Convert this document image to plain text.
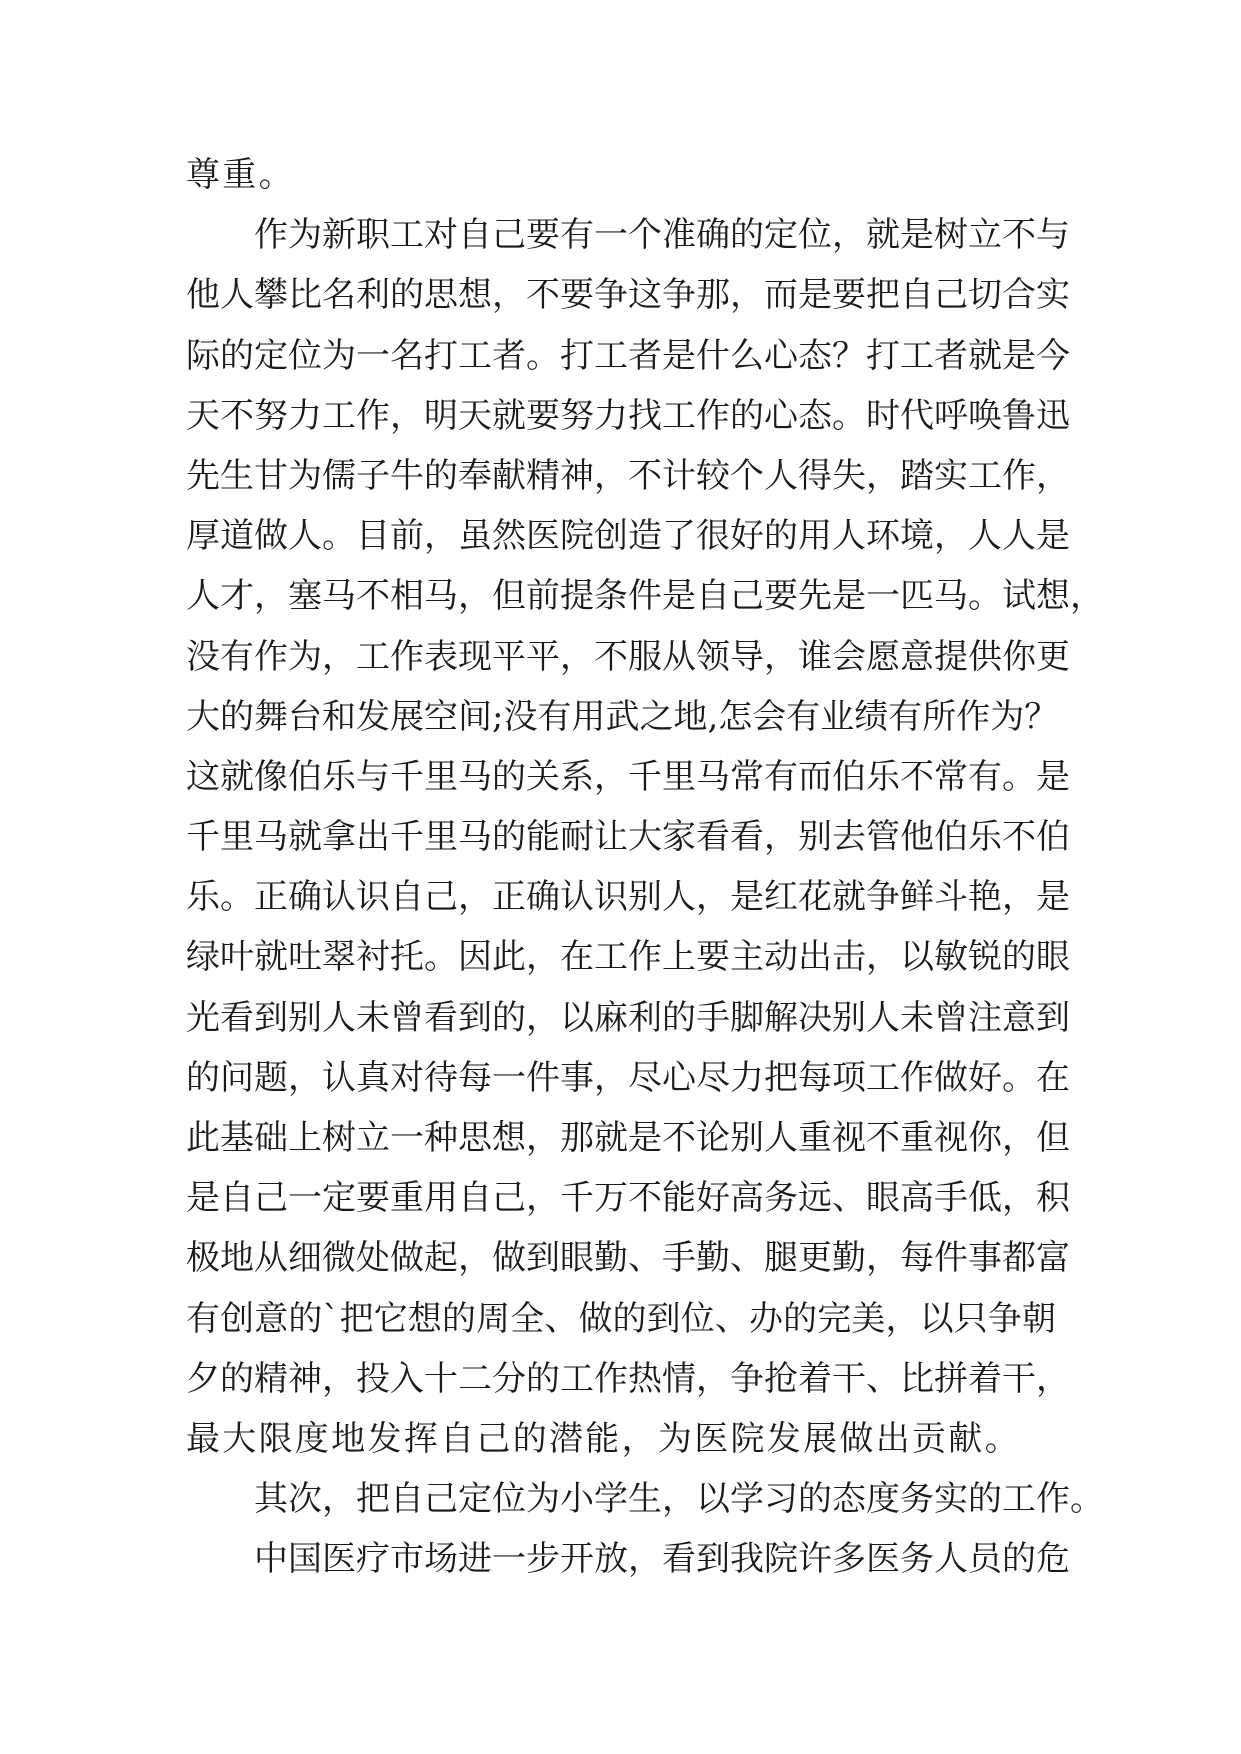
尊重。
作为新职工对自己要有一个准确的定位，就是树立不与
他人攀比名利的思想，不要争这争那，而是要把自己切合实
际的定位为一名打工者。打工者是什么心态？打工者就是今
天不努力工作，明天就要努力找工作的心态。时代呼唤鲁迅
先生甘为儒子牛的奉献精神，不计较个人得失，踏实工作，
厚道做人。目前，虽然医院创造了很好的用人环境，人人是
人才，塞马不相马，但前提条件是自己要先是一匹马。试想，
没有作为，工作表现平平，不服从领导，谁会愿意提供你更
大的舞台和发展空间;没有用武之地,怎会有业绩有所作为？
这就像伯乐与千里马的关系，千里马常有而伯乐不常有。是
千里马就拿出千里马的能耐让大家看看，别去管他伯乐不伯
乐。正确认识自己，正确认识别人，是红花就争鲜斗艳，是
绿叶就吐翠衬托。因此，在工作上要主动出击，以敏锐的眼
光看到别人未曾看到的，以麻利的手脚解决别人未曾注意到
的问题，认真对待每一件事，尽心尽力把每项工作做好。在
此基础上树立一种思想，那就是不论别人重视不重视你，但
是自己一定要重用自己，千万不能好高务远、眼高手低，积
极地从细微处做起，做到眼勤、手勤、腿更勤，每件事都富
有创意的`把它想的周全、做的到位、办的完美，以只争朝
夕的精神，投入十二分的工作热情，争抢着干、比拼着干，
最大限度地发挥自己的潜能，为医院发展做出贡献。
其次，把自己定位为小学生，以学习的态度务实的工作。
中国医疗市场进一步开放，看到我院许多医务人员的危
